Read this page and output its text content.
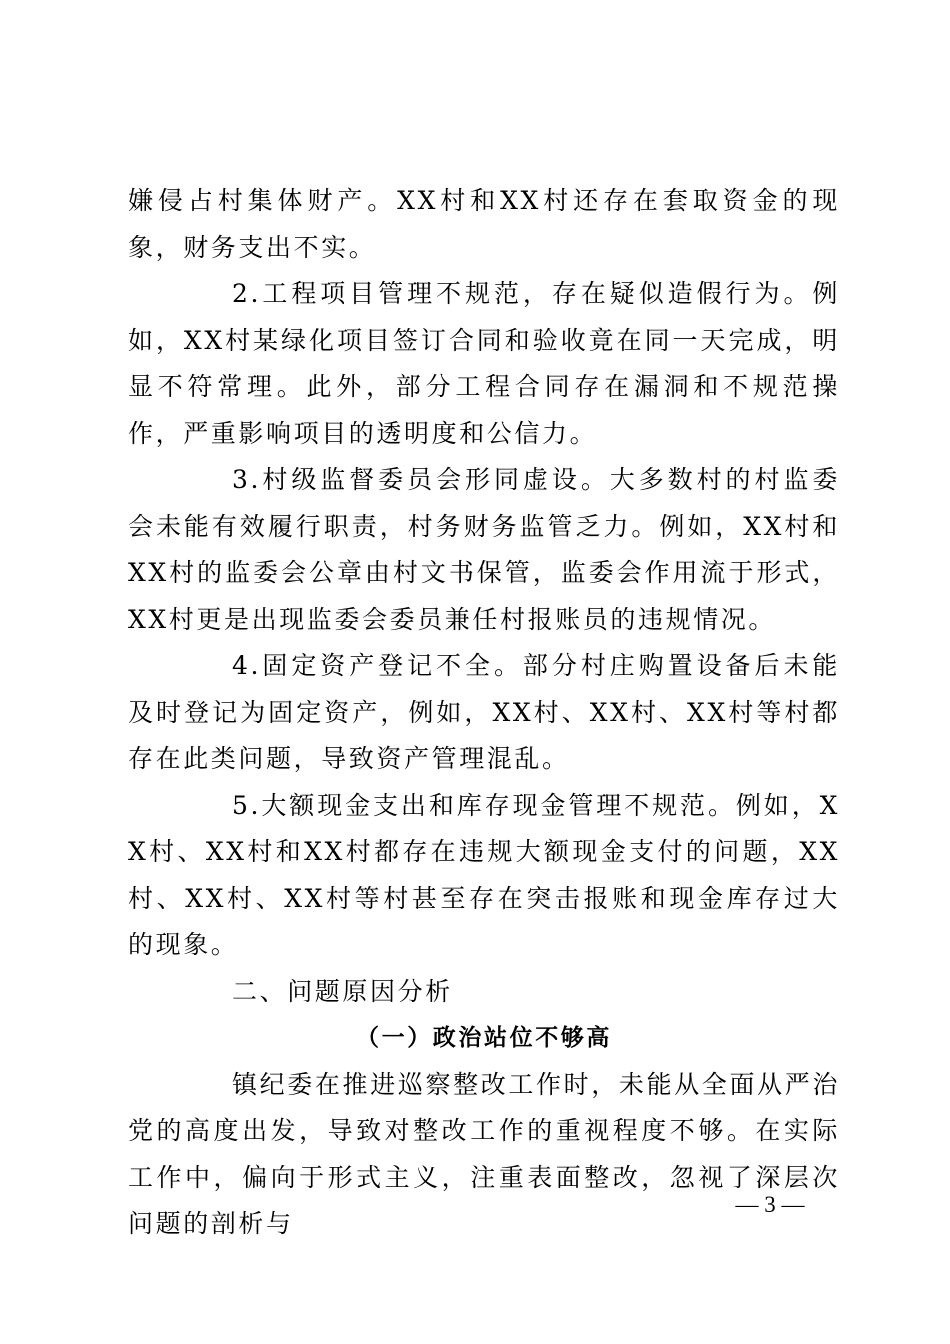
嫌侵占村集体财产。XX村和XX村还存在套取资金的现象，财务支出不实。

2.工程项目管理不规范，存在疑似造假行为。例如，XX村某绿化项目签订合同和验收竟在同一天完成，明显不符常理。此外，部分工程合同存在漏洞和不规范操作，严重影响项目的透明度和公信力。

3.村级监督委员会形同虚设。大多数村的村监委会未能有效履行职责，村务财务监管乏力。例如，XX村和XX村的监委会公章由村文书保管，监委会作用流于形式，XX村更是出现监委会委员兼任村报账员的违规情况。

4.固定资产登记不全。部分村庄购置设备后未能及时登记为固定资产，例如，XX村、XX村、XX村等村都存在此类问题，导致资产管理混乱。

5.大额现金支出和库存现金管理不规范。例如，XX村、XX村和XX村都存在违规大额现金支付的问题，XX村、XX村、XX村等村甚至存在突击报账和现金库存过大的现象。

二、问题原因分析

（一）政治站位不够高

镇纪委在推进巡察整改工作时，未能从全面从严治党的高度出发，导致对整改工作的重视程度不够。在实际工作中，偏向于形式主义，注重表面整改，忽视了深层次问题的剖析与

— 3 —
